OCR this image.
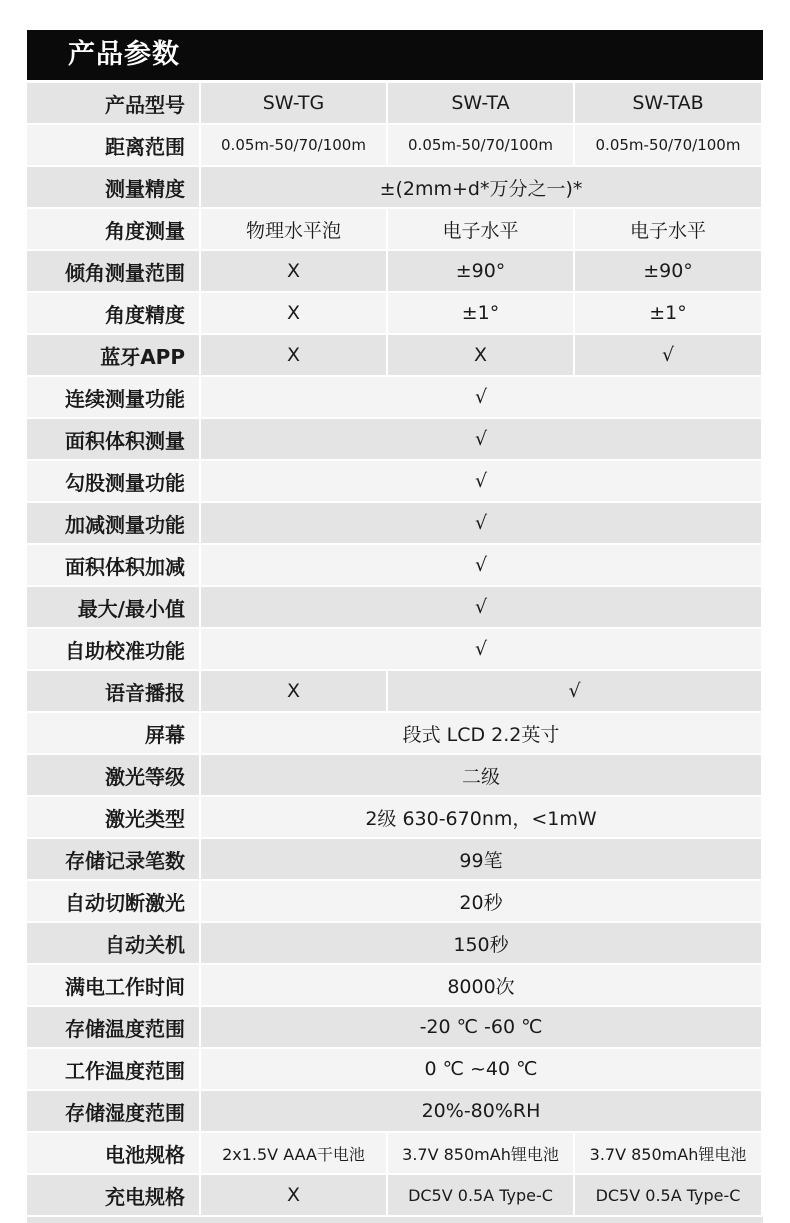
产品参数
产品型号	SW-TG	SW-TA	SW-TAB
距离范围	0.05m-50/70/100m	0.05m-50/70/100m	0.05m-50/70/100m
测量精度	±(2mm+d*万分之一)*		
角度测量	物理水平泡	电子水平	电子水平
倾角测量范围	X	±90°	±90°
角度精度	X	±1°	±1°
蓝牙APP	X	X	√
连续测量功能	√		
面积体积测量	√		
勾股测量功能	√		
加减测量功能	√		
面积体积加减	√		
最大/最小值	√		
自助校准功能	√		
语音播报	X	√	
屏幕	段式 LCD 2.2英寸		
激光等级	二级		
激光类型	2级 630-670nm，<1mW		
存储记录笔数	99笔		
自动切断激光	20秒		
自动关机	150秒		
满电工作时间	8000次		
存储温度范围	-20 ℃ -60 ℃		
工作温度范围	0 ℃ ~40 ℃		
存储湿度范围	20%-80%RH		
电池规格	2x1.5V AAA干电池	3.7V 850mAh锂电池	3.7V 850mAh锂电池
充电规格	X	DC5V 0.5A Type-C	DC5V 0.5A Type-C
